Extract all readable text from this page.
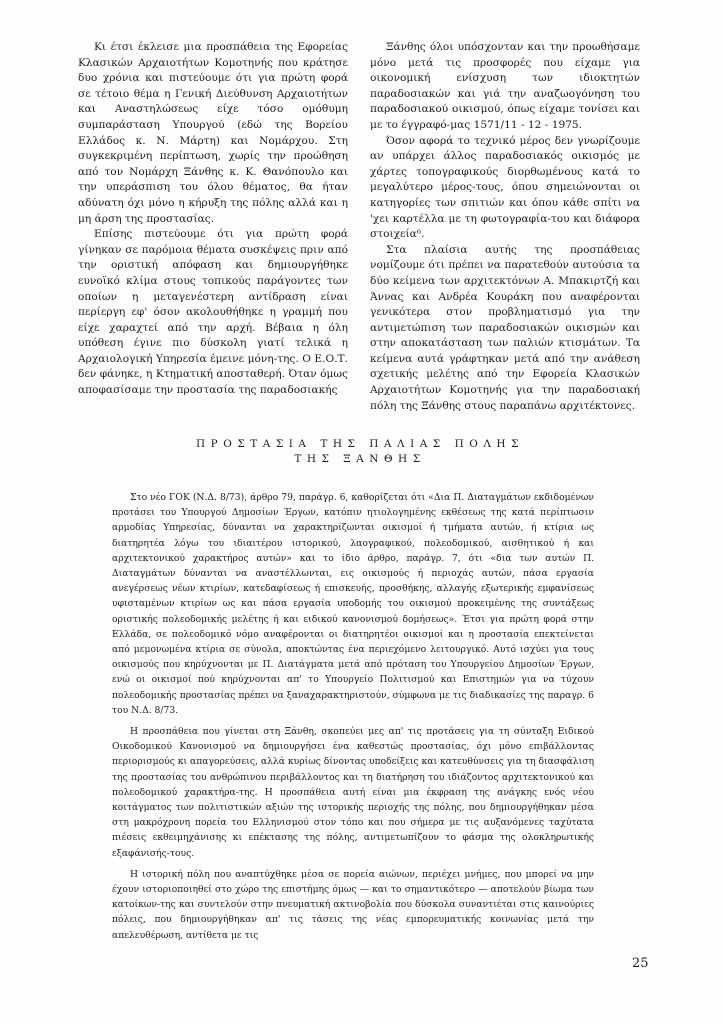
Κι έτσι έκλεισε μια προσπάθεια της Εφορείας Κλασικών Αρχαιοτήτων Κομοτηνής που κράτησε δυο χρόνια και πιστεύουμε ότι για πρώτη φορά σε τέτοιο θέμα η Γενική Διεύθυνση Αρχαιοτήτων και Αναστηλώσεως είχε τόσο ομόθυμη συμπαράσταση Υπουργού (εδώ της Βορείου Ελλάδος κ. Ν. Μάρτη) και Νομάρχου. Στη συγκεκριμένη περίπτωση, χωρίς την προώθηση από τον Νομάρχη Ξάνθης κ. Κ. Θανόπουλο και την υπεράσπιση του όλου θέματος, θα ήταν αδύνατη όχι μόνο η κήρυξη της πόλης αλλά και η μη άρση της προστασίας.

Επίσης πιστεύουμε ότι για πρώτη φορά γίνηκαν σε παρόμοια θέματα συσκέψεις πριν από την οριστική απόφαση και δημιουργήθηκε ευνοϊκό κλίμα στους τοπικούς παράγοντες των οποίων η μεταγενέστερη αντίδραση είναι περίεργη εφ' όσον ακολουθήθηκε η γραμμή που είχε χαραχτεί από την αρχή. Βέβαια η όλη υπόθεση έγινε πιο δύσκολη γιατί τελικά η Αρχαιολογική Υπηρεσία έμεινε μόνη-της. Ο Ε.Ο.Τ. δεν φάνηκε, η Κτηματική αποσταθερή. Όταν όμως αποφασίσαμε την προστασία της παραδοσιακής

Ξάνθης όλοι υπόσχονταν και την προωθήσαμε μόνο μετά τις προσφορές που είχαμε για οικονομική ενίσχυση των ιδιοκτητών παραδοσιακών και γιά την αναζωογόνηση του παραδοσιακού οικισμού, όπως είχαμε τονίσει και με το έγγραφό-μας 1571/11 - 12 - 1975.

Όσον αφορά το τεχνικό μέρος δεν γνωρίζουμε αν υπάρχει άλλος παραδοσιακός οικισμός με χάρτες τοπογραφικούς διορθωμένους κατά το μεγαλύτερο μέρος-τους, όπου σημειώνονται οι κατηγορίες των σπιτιών και όπου κάθε σπίτι να 'χει καρτέλλα με τη φωτογραφία-του και διάφορα στοιχεία⁶.

Στα πλαίσια αυτής της προσπάθειας νομίζουμε ότι πρέπει να παρατεθούν αυτούσια τα δύο κείμενα των αρχιτεκτόνων Α. Μπακιρτζή και Άννας και Ανδρέα Κουράκη που αναφέρονται γενικότερα στον προβληματισμό για την αντιμετώπιση των παραδοσιακών οικισμών και στην αποκατάσταση των παλιών κτισμάτων. Τα κείμενα αυτά γράφτηκαν μετά από την ανάθεση σχετικής μελέτης από την Εφορεία Κλασικών Αρχαιοτήτων Κομοτηνής για την παραδοσιακή πόλη της Ξάνθης στους παραπάνω αρχιτέκτονες.

ΠΡΟΣΤΑΣΙΑ ΤΗΣ ΠΑΛΙΑΣ ΠΟΛΗΣ
ΤΗΣ ΞΑΝΘΗΣ

Στο νέο ΓΟΚ (Ν.Δ. 8/73), άρθρο 79, παράγρ. 6, καθορίζεται ότι «Δια Π. Διαταγμάτων εκδιδομένων προτάσει του Υπουργού Δημοσίων Έργων, κατόπιν ητιολογημένης εκθέσεως της κατά περίπτωσιν αρμοδίας Υπηρεσίας, δύνανται να χαρακτηρίζωνται οικισμοί ή τμήματα αυτών, ή κτίρια ως διατηρητέα λόγω του ιδιαιτέρου ιστορικού, λαογραφικού, πολεοδομικού, αισθητικού ή και αρχιτεκτονικού χαρακτήρος αυτών» και το ίδιο άρθρο, παράγρ. 7, ότι «δια των αυτών Π. Διαταγμάτων δύνανται να αναστέλλωνται, εις οικισμούς ή περιοχάς αυτών, πάσα εργασία ανεγέρσεως νέων κτιρίων, κατεδαφίσεως ή επισκευής, προσθήκης, αλλαγής εξωτερικής εμφανίσεως υφισταμένων κτιρίων ως και πάσα εργασία υποδομής του οικισμού προκειμένης της συντάξεως οριστικής πολεοδομικής μελέτης ή και ειδικού κανονισμού δομήσεως». Έτσι για πρώτη φορά στην Ελλάδα, σε πολεοδομικό νόμο αναφέρονται οι διατηρητέοι οικισμοί και η προστασία επεκτείνεται από μεμονωμένα κτίρια σε σύνολα, αποκτώντας ένα περιεχόμενο λειτουργικό. Αυτό ισχύει για τους οικισμούς που κηρύχνονται με Π. Διατάγματα μετά από πρόταση του Υπουργείου Δημοσίων Έργων, ενώ οι οικισμοί πού κηρύχνονται απ' το Υπουργείο Πολιτισμού και Επιστημών για να τύχουν πολεοδομικής προστασίας πρέπει να ξαναχαρακτηριστούν, σύμφωνα με τις διαδικασίες της παραγρ. 6 του Ν.Δ. 8/73.

Η προσπάθεια που γίνεται στη Ξάνθη, σκοπεύει μες απ' τις προτάσεις για τη σύνταξη Ειδικού Οικοδομικού Κανονισμού να δημιουργήσει ένα καθεστώς προστασίας, όχι μόνο επιβάλλοντας περιορισμούς κι απαγορεύσεις, αλλά κυρίως δίνοντας υποδείξεις και κατευθύνσεις για τη διασφάλιση της προστασίας του ανθρώπινου περιβάλλοντος και τη διατήρηση του ιδιάζοντος αρχιτεκτονικού και πολεοδομικού χαρακτήρα-της. Η προσπάθεια αυτή είναι μια έκφραση της ανάγκης ενός νέου κοιτάγματος των πολιτιστικών αξιών της ιστορικής περιοχής της πόλης, που δημιουργήθηκαν μέσα στη μακρόχρονη πορεία του Ελληνισμού στον τόπο και που σήμερα με τις αυξανόμενες ταχύτατα πιέσεις εκθειμηχάνισης κι επέκτασης της πόλης, αντιμετωπίζουν το φάσμα της ολοκληρωτικής εξαφάνισής-τους.

Η ιστορική πόλη που αναπτύχθηκε μέσα σε πορεία αιώνων, περιέχει μνήμες, που μπορεί να μην έχουν ιστοριοποιηθεί στο χώρο της επιστήμης όμως — και το σημαντικότερο — αποτελούν βίωμα των κατοίκων-της και συντελούν στην πνευματική ακτινοβολία που δύσκολα συναντιέται στις καινούριες πόλεις, που δημιουργήθηκαν απ' τις τάσεις της νέας εμπορευματικής κοινωνίας μετά την απελευθέρωση, αντίθετα με τις

25
